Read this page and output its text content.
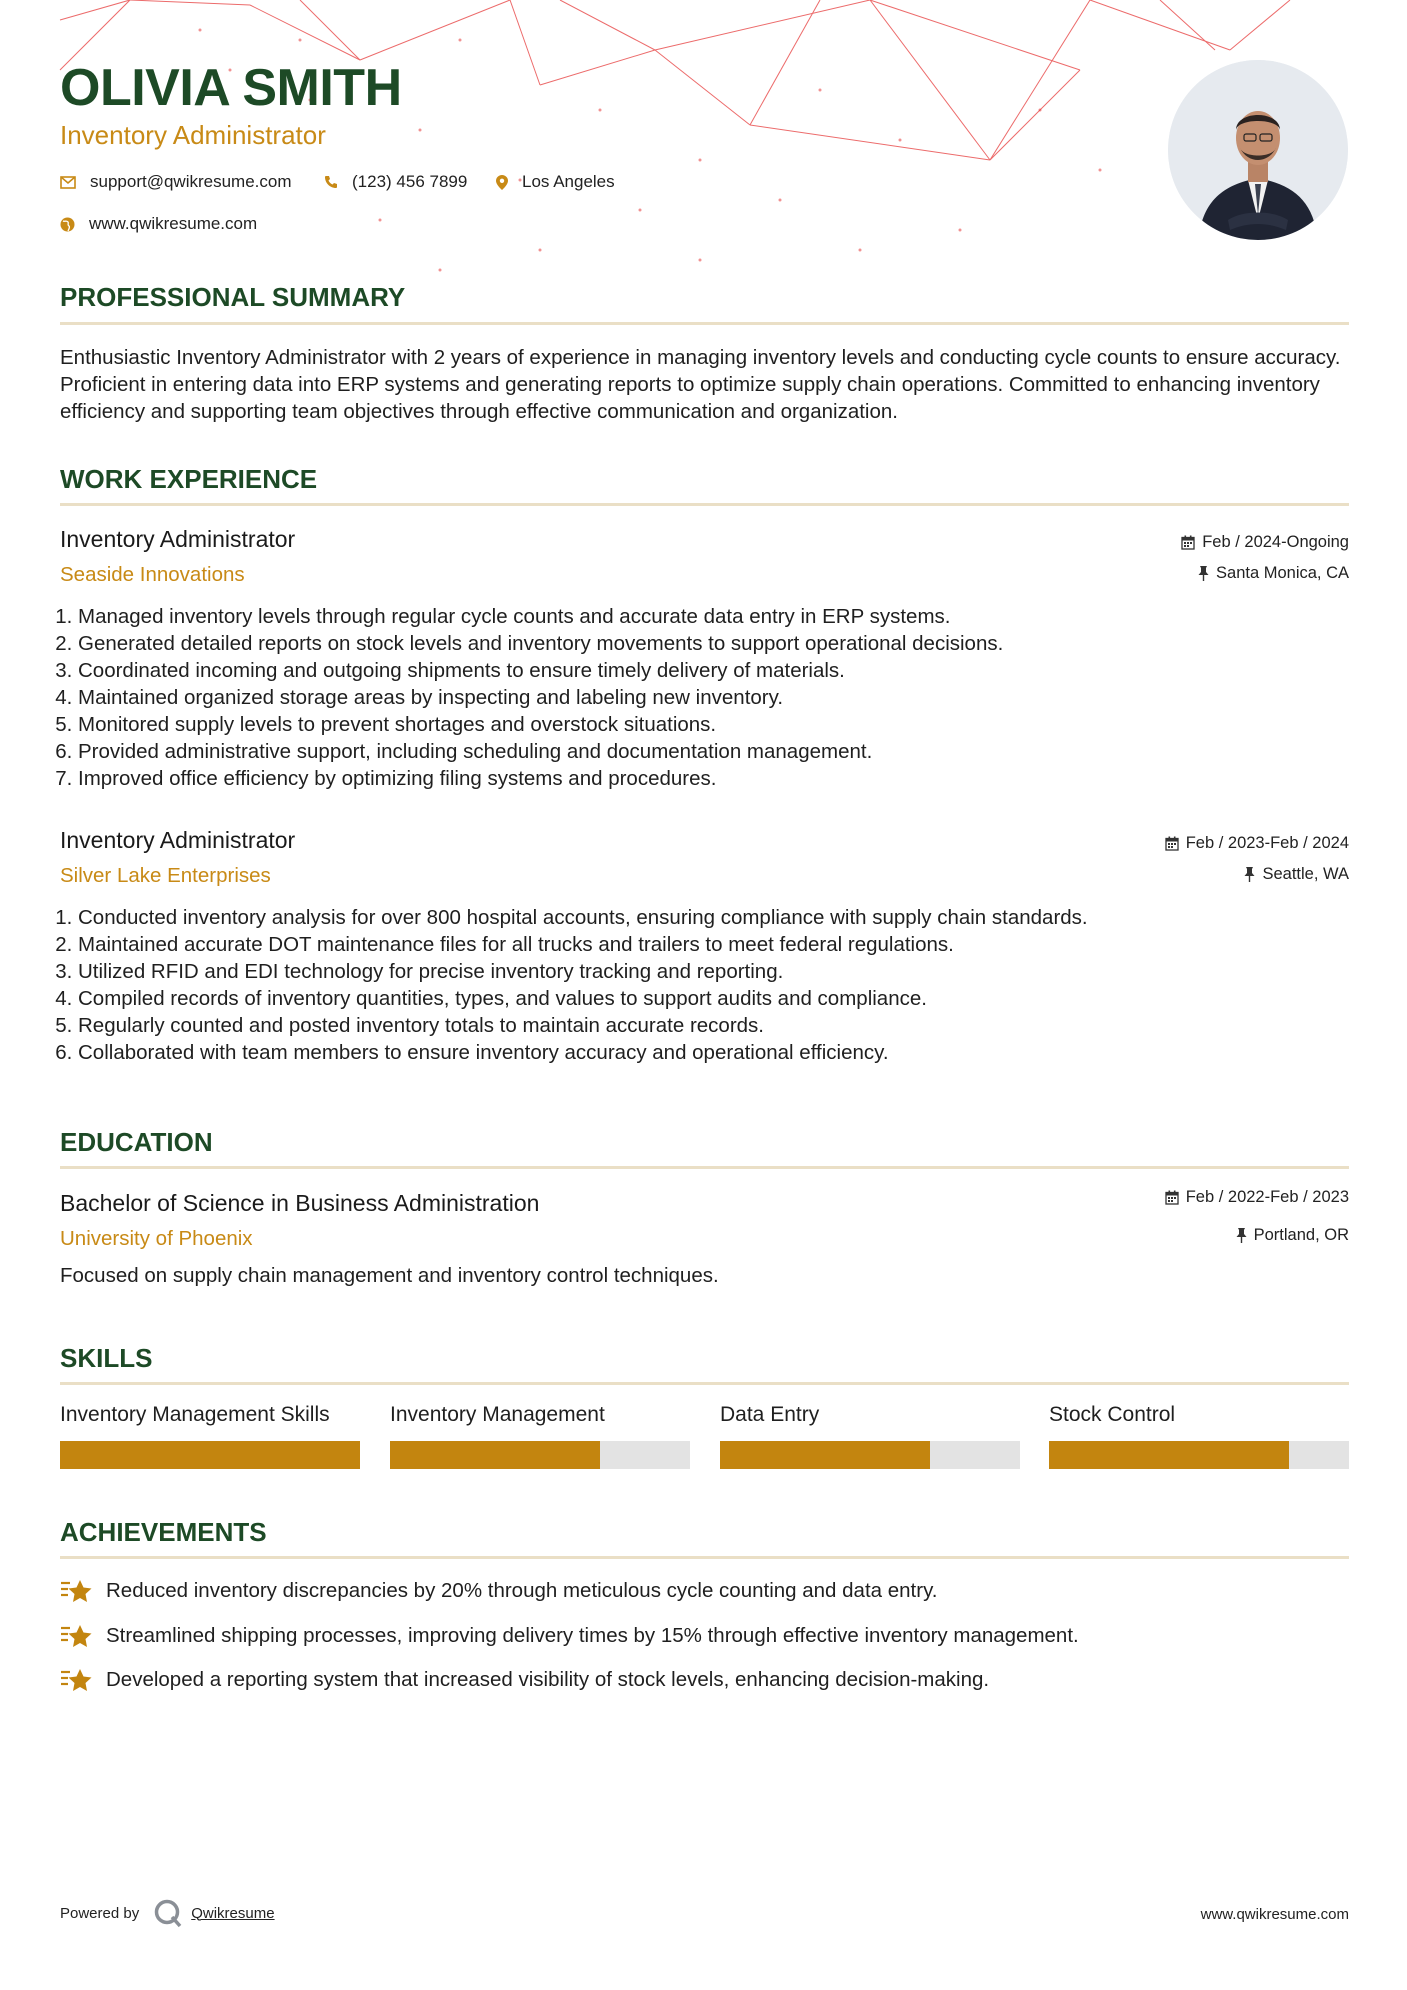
OLIVIA SMITH
Inventory Administrator
support@qwikresume.com	(123) 456 7899	Los Angeles
www.qwikresume.com
PROFESSIONAL SUMMARY
Enthusiastic Inventory Administrator with 2 years of experience in managing inventory levels and conducting cycle counts to ensure accuracy. Proficient in entering data into ERP systems and generating reports to optimize supply chain operations. Committed to enhancing inventory efficiency and supporting team objectives through effective communication and organization.
WORK EXPERIENCE
Inventory Administrator
Seaside Innovations
Feb / 2024-Ongoing
Santa Monica, CA
1. Managed inventory levels through regular cycle counts and accurate data entry in ERP systems.
2. Generated detailed reports on stock levels and inventory movements to support operational decisions.
3. Coordinated incoming and outgoing shipments to ensure timely delivery of materials.
4. Maintained organized storage areas by inspecting and labeling new inventory.
5. Monitored supply levels to prevent shortages and overstock situations.
6. Provided administrative support, including scheduling and documentation management.
7. Improved office efficiency by optimizing filing systems and procedures.
Inventory Administrator
Silver Lake Enterprises
Feb / 2023-Feb / 2024
Seattle, WA
1. Conducted inventory analysis for over 800 hospital accounts, ensuring compliance with supply chain standards.
2. Maintained accurate DOT maintenance files for all trucks and trailers to meet federal regulations.
3. Utilized RFID and EDI technology for precise inventory tracking and reporting.
4. Compiled records of inventory quantities, types, and values to support audits and compliance.
5. Regularly counted and posted inventory totals to maintain accurate records.
6. Collaborated with team members to ensure inventory accuracy and operational efficiency.
EDUCATION
Bachelor of Science in Business Administration
University of Phoenix
Feb / 2022-Feb / 2023
Portland, OR
Focused on supply chain management and inventory control techniques.
SKILLS
Inventory Management Skills	Inventory Management	Data Entry	Stock Control
ACHIEVEMENTS
Reduced inventory discrepancies by 20% through meticulous cycle counting and data entry.
Streamlined shipping processes, improving delivery times by 15% through effective inventory management.
Developed a reporting system that increased visibility of stock levels, enhancing decision-making.
Powered by	Qwikresume	www.qwikresume.com
